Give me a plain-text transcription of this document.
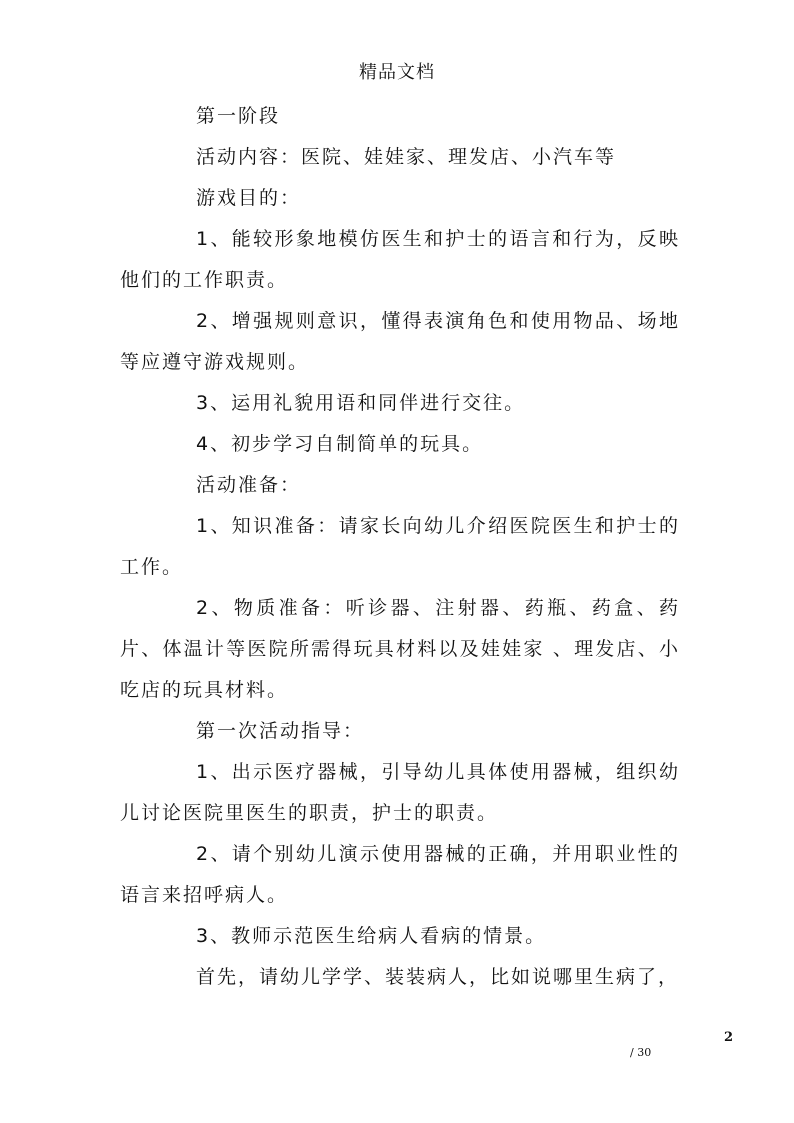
精品文档

第一阶段

活动内容：医院、娃娃家、理发店、小汽车等

游戏目的：

1、能较形象地模仿医生和护士的语言和行为，反映他们的工作职责。

2、增强规则意识，懂得表演角色和使用物品、场地等应遵守游戏规则。

3、运用礼貌用语和同伴进行交往。

4、初步学习自制简单的玩具。

活动准备：

1、知识准备：请家长向幼儿介绍医院医生和护士的工作。

2、物质准备：听诊器、注射器、药瓶、药盒、药片、体温计等医院所需得玩具材料以及娃娃家 、理发店、小吃店的玩具材料。

第一次活动指导：

1、出示医疗器械，引导幼儿具体使用器械，组织幼儿讨论医院里医生的职责，护士的职责。

2、请个别幼儿演示使用器械的正确，并用职业性的语言来招呼病人。

3、教师示范医生给病人看病的情景。

首先，请幼儿学学、装装病人，比如说哪里生病了，

2
/ 30
